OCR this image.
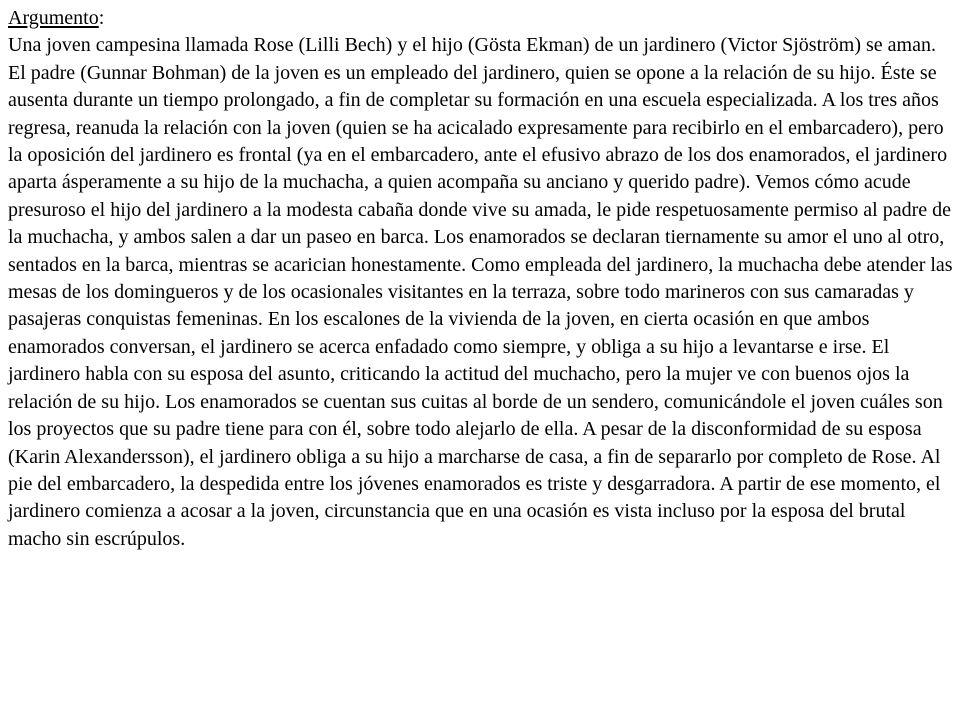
Argumento:

Una joven campesina llamada Rose (Lilli Bech) y el hijo (Gösta Ekman) de un jardinero (Victor Sjöström) se aman. El padre (Gunnar Bohman) de la joven es un empleado del jardinero, quien se opone a la relación de su hijo. Éste se ausenta durante un tiempo prolongado, a fin de completar su formación en una escuela especializada. A los tres años regresa, reanuda la relación con la joven (quien se ha acicalado expresamente para recibirlo en el embarcadero), pero la oposición del jardinero es frontal (ya en el embarcadero, ante el efusivo abrazo de los dos enamorados, el jardinero aparta ásperamente a su hijo de la muchacha, a quien acompaña su anciano y querido padre). Vemos cómo acude presuroso el hijo del jardinero a la modesta cabaña donde vive su amada, le pide respetuosamente permiso al padre de la muchacha, y ambos salen a dar un paseo en barca. Los enamorados se declaran tiernamente su amor el uno al otro, sentados en la barca, mientras se acarician honestamente. Como empleada del jardinero, la muchacha debe atender las mesas de los domingueros y de los ocasionales visitantes en la terraza, sobre todo marineros con sus camaradas y pasajeras conquistas femeninas. En los escalones de la vivienda de la joven, en cierta ocasión en que ambos enamorados conversan, el jardinero se acerca enfadado como siempre, y obliga a su hijo a levantarse e irse. El jardinero habla con su esposa del asunto, criticando la actitud del muchacho, pero la mujer ve con buenos ojos la relación de su hijo. Los enamorados se cuentan sus cuitas al borde de un sendero, comunicándole el joven cuáles son los proyectos que su padre tiene para con él, sobre todo alejarlo de ella. A pesar de la disconformidad de su esposa (Karin Alexandersson), el jardinero obliga a su hijo a marcharse de casa, a fin de separarlo por completo de Rose. Al pie del embarcadero, la despedida entre los jóvenes enamorados es triste y desgarradora. A partir de ese momento, el jardinero comienza a acosar a la joven, circunstancia que en una ocasión es vista incluso por la esposa del brutal macho sin escrúpulos.
